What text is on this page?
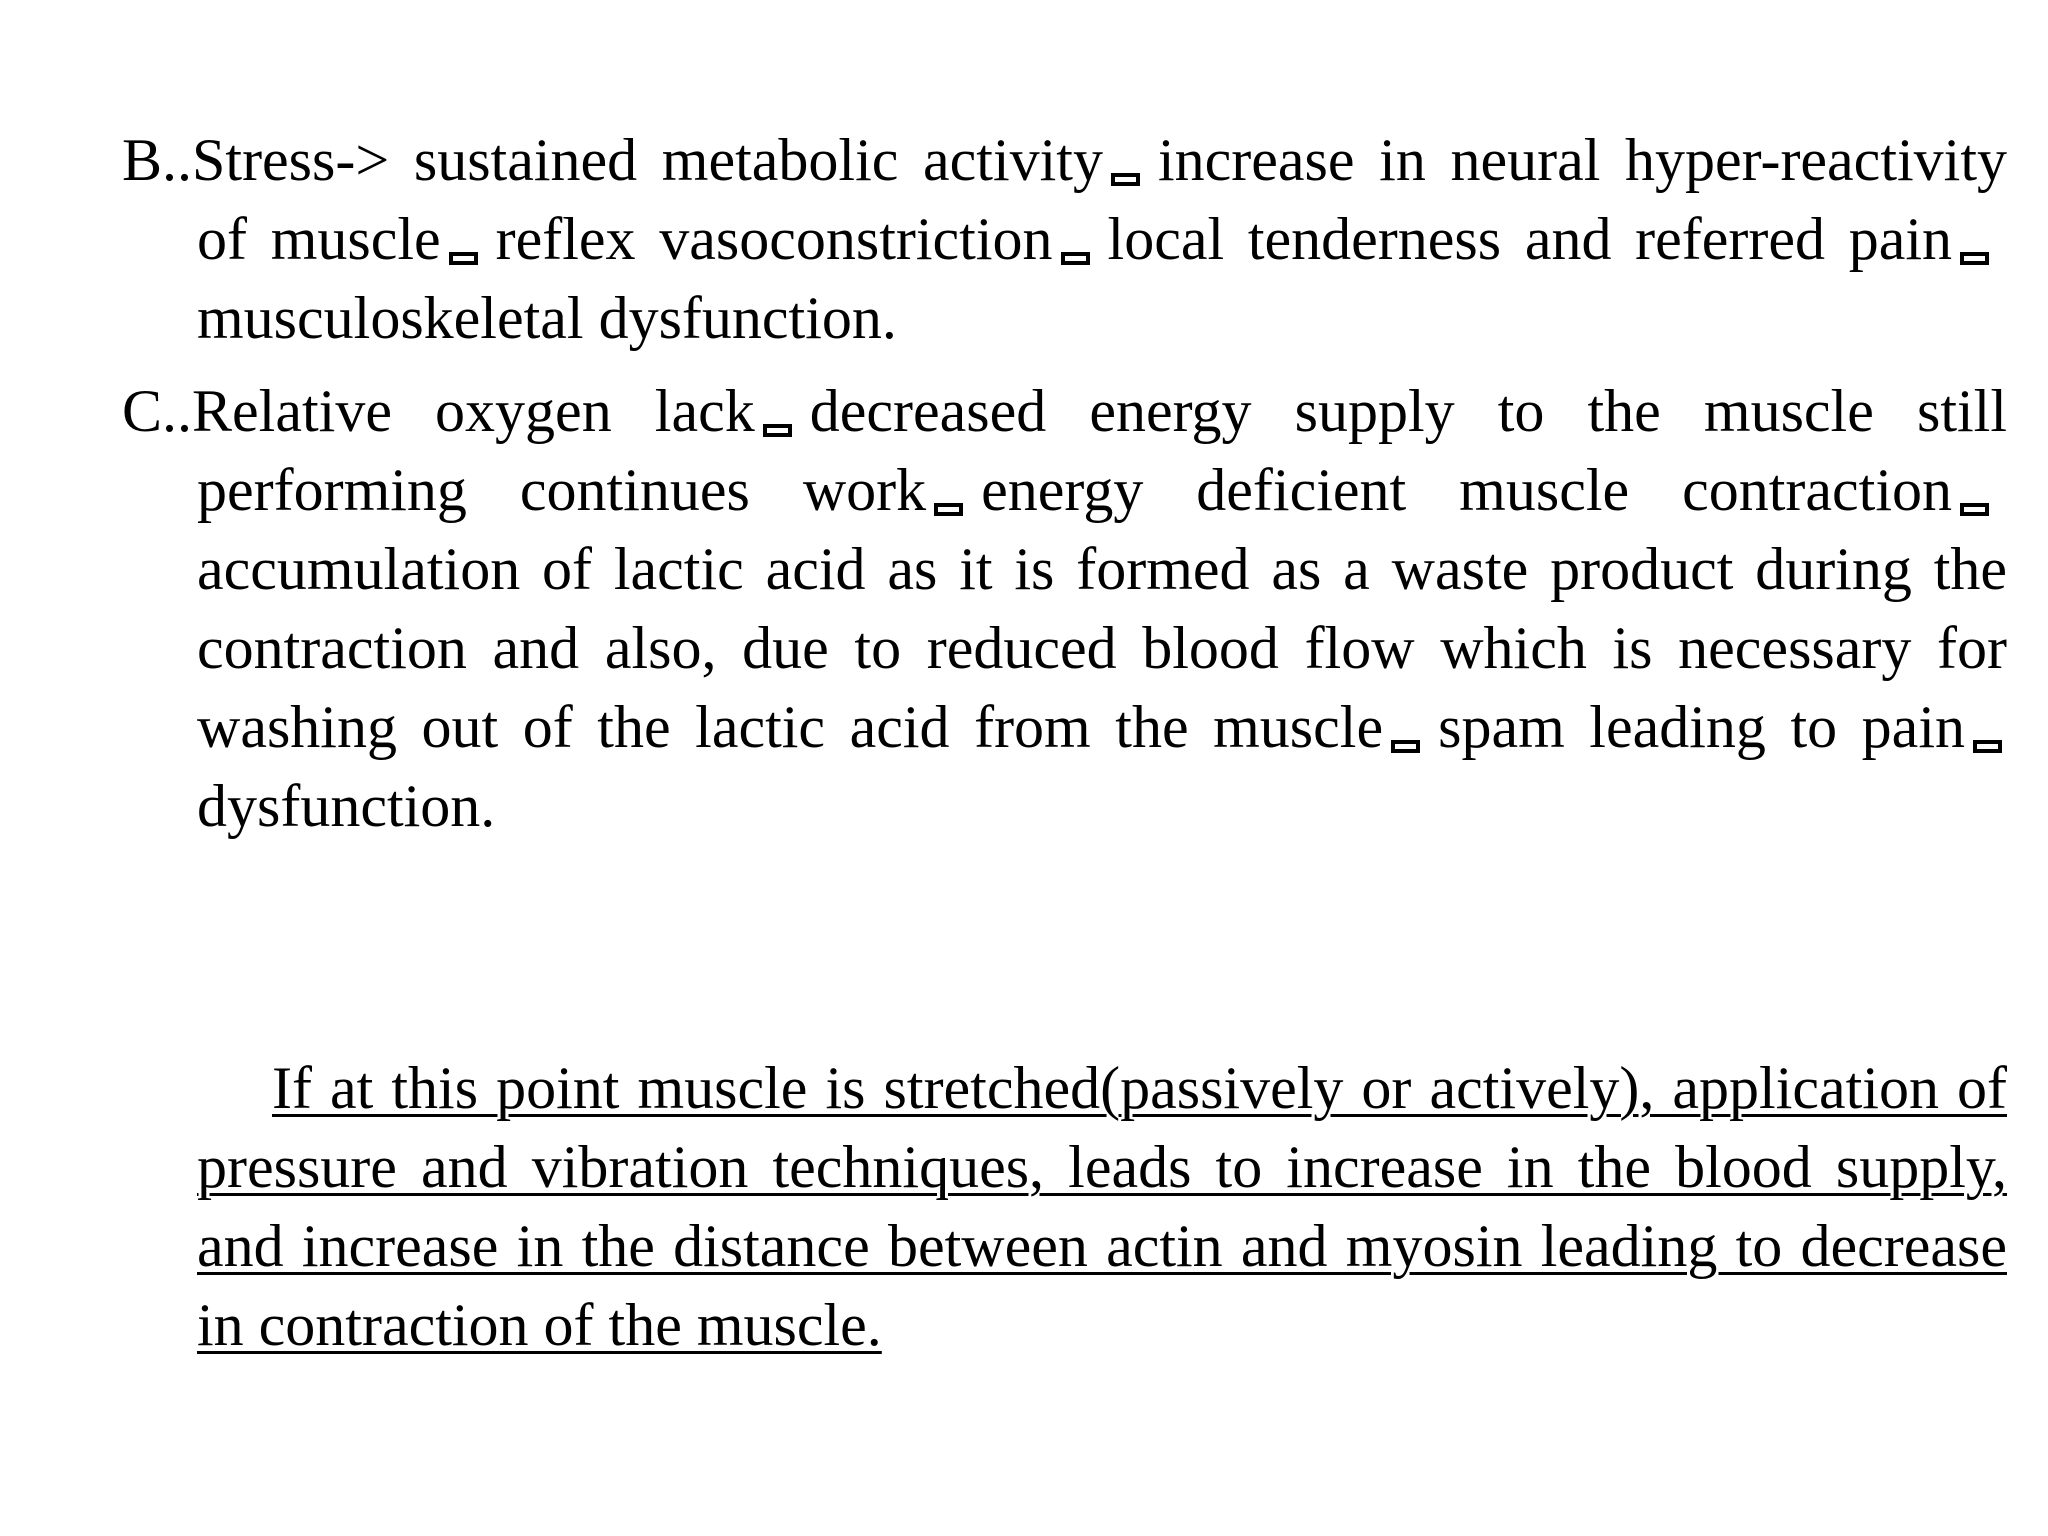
B..Stress-> sustained metabolic activity increase in neural hyper-reactivity of muscle reflex vasoconstriction local tenderness and referred painmusculoskeletal dysfunction.

C..Relative oxygen lack decreased energy supply to the muscle still performing continues work energy deficient muscle contractionaccumulation of lactic acid as it is formed as a waste product during the contraction and also, due to reduced blood flow which is necessary for washing out of the lactic acid from the muscle spam leading to paindysfunction.

If at this point muscle is stretched(passively or actively), application of pressure and vibration techniques, leads to increase in the blood supply, and increase in the distance between actin and myosin leading to decrease in contraction of the muscle.
